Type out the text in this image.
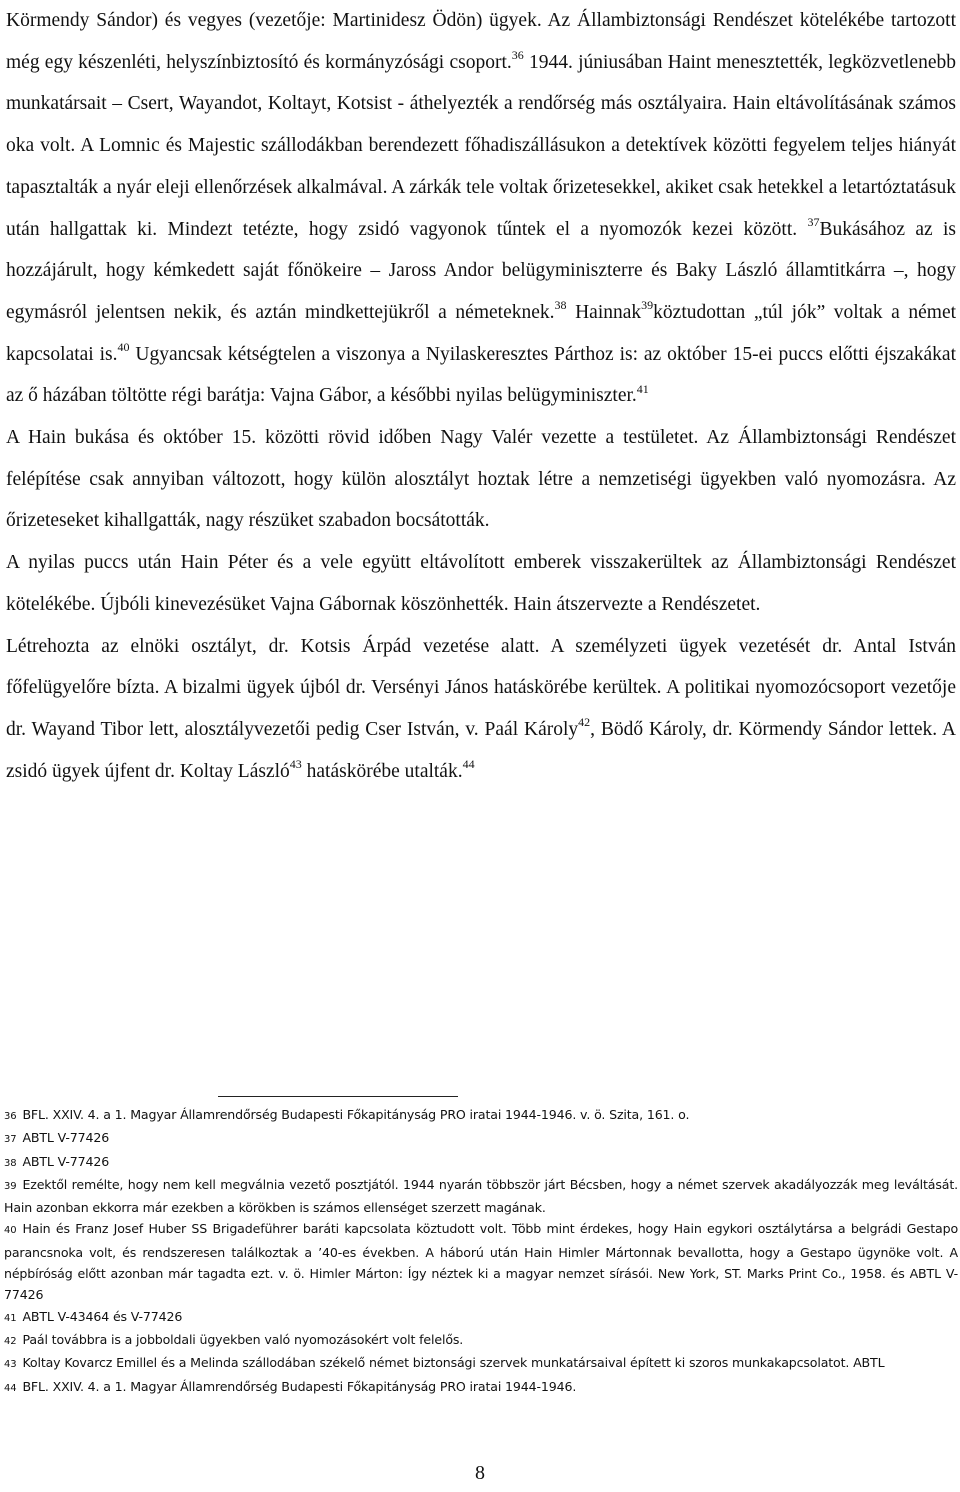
Körmendy Sándor) és vegyes (vezetője: Martinidesz Ödön) ügyek. Az Állambiztonsági Rendészet kötelékébe tartozott még egy készenléti, helyszínbiztosító és kormányzósági csoport.$^{36}$ 1944. júniusában Haint menesztették, legközvetlenebb munkatársait ‒ Csert, Wayandot, Koltayt, Kotsist - áthelyezték a rendőrség más osztályaira. Hain eltávolításának számos oka volt. A Lomnic és Majestic szállodákban berendezett főhadiszállásukon a detektívek közötti fegyelem teljes hiányát tapasztalták a nyár eleji ellenőrzések alkalmával. A zárkák tele voltak őrizetesekkel, akiket csak hetekkel a letartóztatásuk után hallgattak ki. Mindezt tetézte, hogy zsidó vagyonok tűntek el a nyomozók kezei között. $^{37}$Bukásához az is hozzájárult, hogy kémkedett saját főnökeire ‒ Jaross Andor belügyminiszterre és Baky László államtitkárra ‒, hogy egymásról jelentsen nekik, és aztán mindkettejükről a németeknek.$^{38}$ Hainnak$^{39}$köztudottan „túl jók” voltak a német kapcsolatai is.$^{40}$ Ugyancsak kétségtelen a viszonya a Nyilaskeresztes Párthoz is: az október 15-ei puccs előtti éjszakákat az ő házában töltötte régi barátja: Vajna Gábor, a későbbi nyilas belügyminiszter.$^{41}$

A Hain bukása és október 15. közötti rövid időben Nagy Valér vezette a testületet. Az Állambiztonsági Rendészet felépítése csak annyiban változott, hogy külön alosztályt hoztak létre a nemzetiségi ügyekben való nyomozásra. Az őrizeteseket kihallgatták, nagy részüket szabadon bocsátották.

A nyilas puccs után Hain Péter és a vele együtt eltávolított emberek visszakerültek az Állambiztonsági Rendészet kötelékébe. Újbóli kinevezésüket Vajna Gábornak köszönhették. Hain átszervezte a Rendészetet.

Létrehozta az elnöki osztályt, dr. Kotsis Árpád vezetése alatt. A személyzeti ügyek vezetését dr. Antal István főfelügyelőre bízta. A bizalmi ügyek újból dr. Versényi János hatáskörébe kerültek. A politikai nyomozócsoport vezetője dr. Wayand Tibor lett, alosztályvezetői pedig Cser István, v. Paál Károly$^{42}$, Bödő Károly, dr. Körmendy Sándor lettek. A zsidó ügyek újfent dr. Koltay László$^{43}$ hatáskörébe utalták.$^{44}$

36 BFL. XXIV. 4. a 1. Magyar Államrendőrség Budapesti Főkapitányság PRO iratai 1944-1946. v. ö. Szita, 161. o.

37 ABTL V-77426

38 ABTL V-77426

39 Ezektől remélte, hogy nem kell megválnia vezető posztjától. 1944 nyarán többször járt Bécsben, hogy a német szervek akadályozzák meg leváltását. Hain azonban ekkorra már ezekben a körökben is számos ellenséget szerzett magának.

40 Hain és Franz Josef Huber SS Brigadeführer baráti kapcsolata köztudott volt. Több mint érdekes, hogy Hain egykori osztálytársa a belgrádi Gestapo parancsnoka volt, és rendszeresen találkoztak a ’40-es években. A háború után Hain Himler Mártonnak bevallotta, hogy a Gestapo ügynöke volt. A népbíróság előtt azonban már tagadta ezt. v. ö. Himler Márton: Így néztek ki a magyar nemzet sírásói. New York, ST. Marks Print Co., 1958. és ABTL V-77426

41 ABTL V-43464 és V-77426

42 Paál továbbra is a jobboldali ügyekben való nyomozásokért volt felelős.

43 Koltay Kovarcz Emillel és a Melinda szállodában székelő német biztonsági szervek munkatársaival épített ki szoros munkakapcsolatot. ABTL

44 BFL. XXIV. 4. a 1. Magyar Államrendőrség Budapesti Főkapitányság PRO iratai 1944-1946.

8
